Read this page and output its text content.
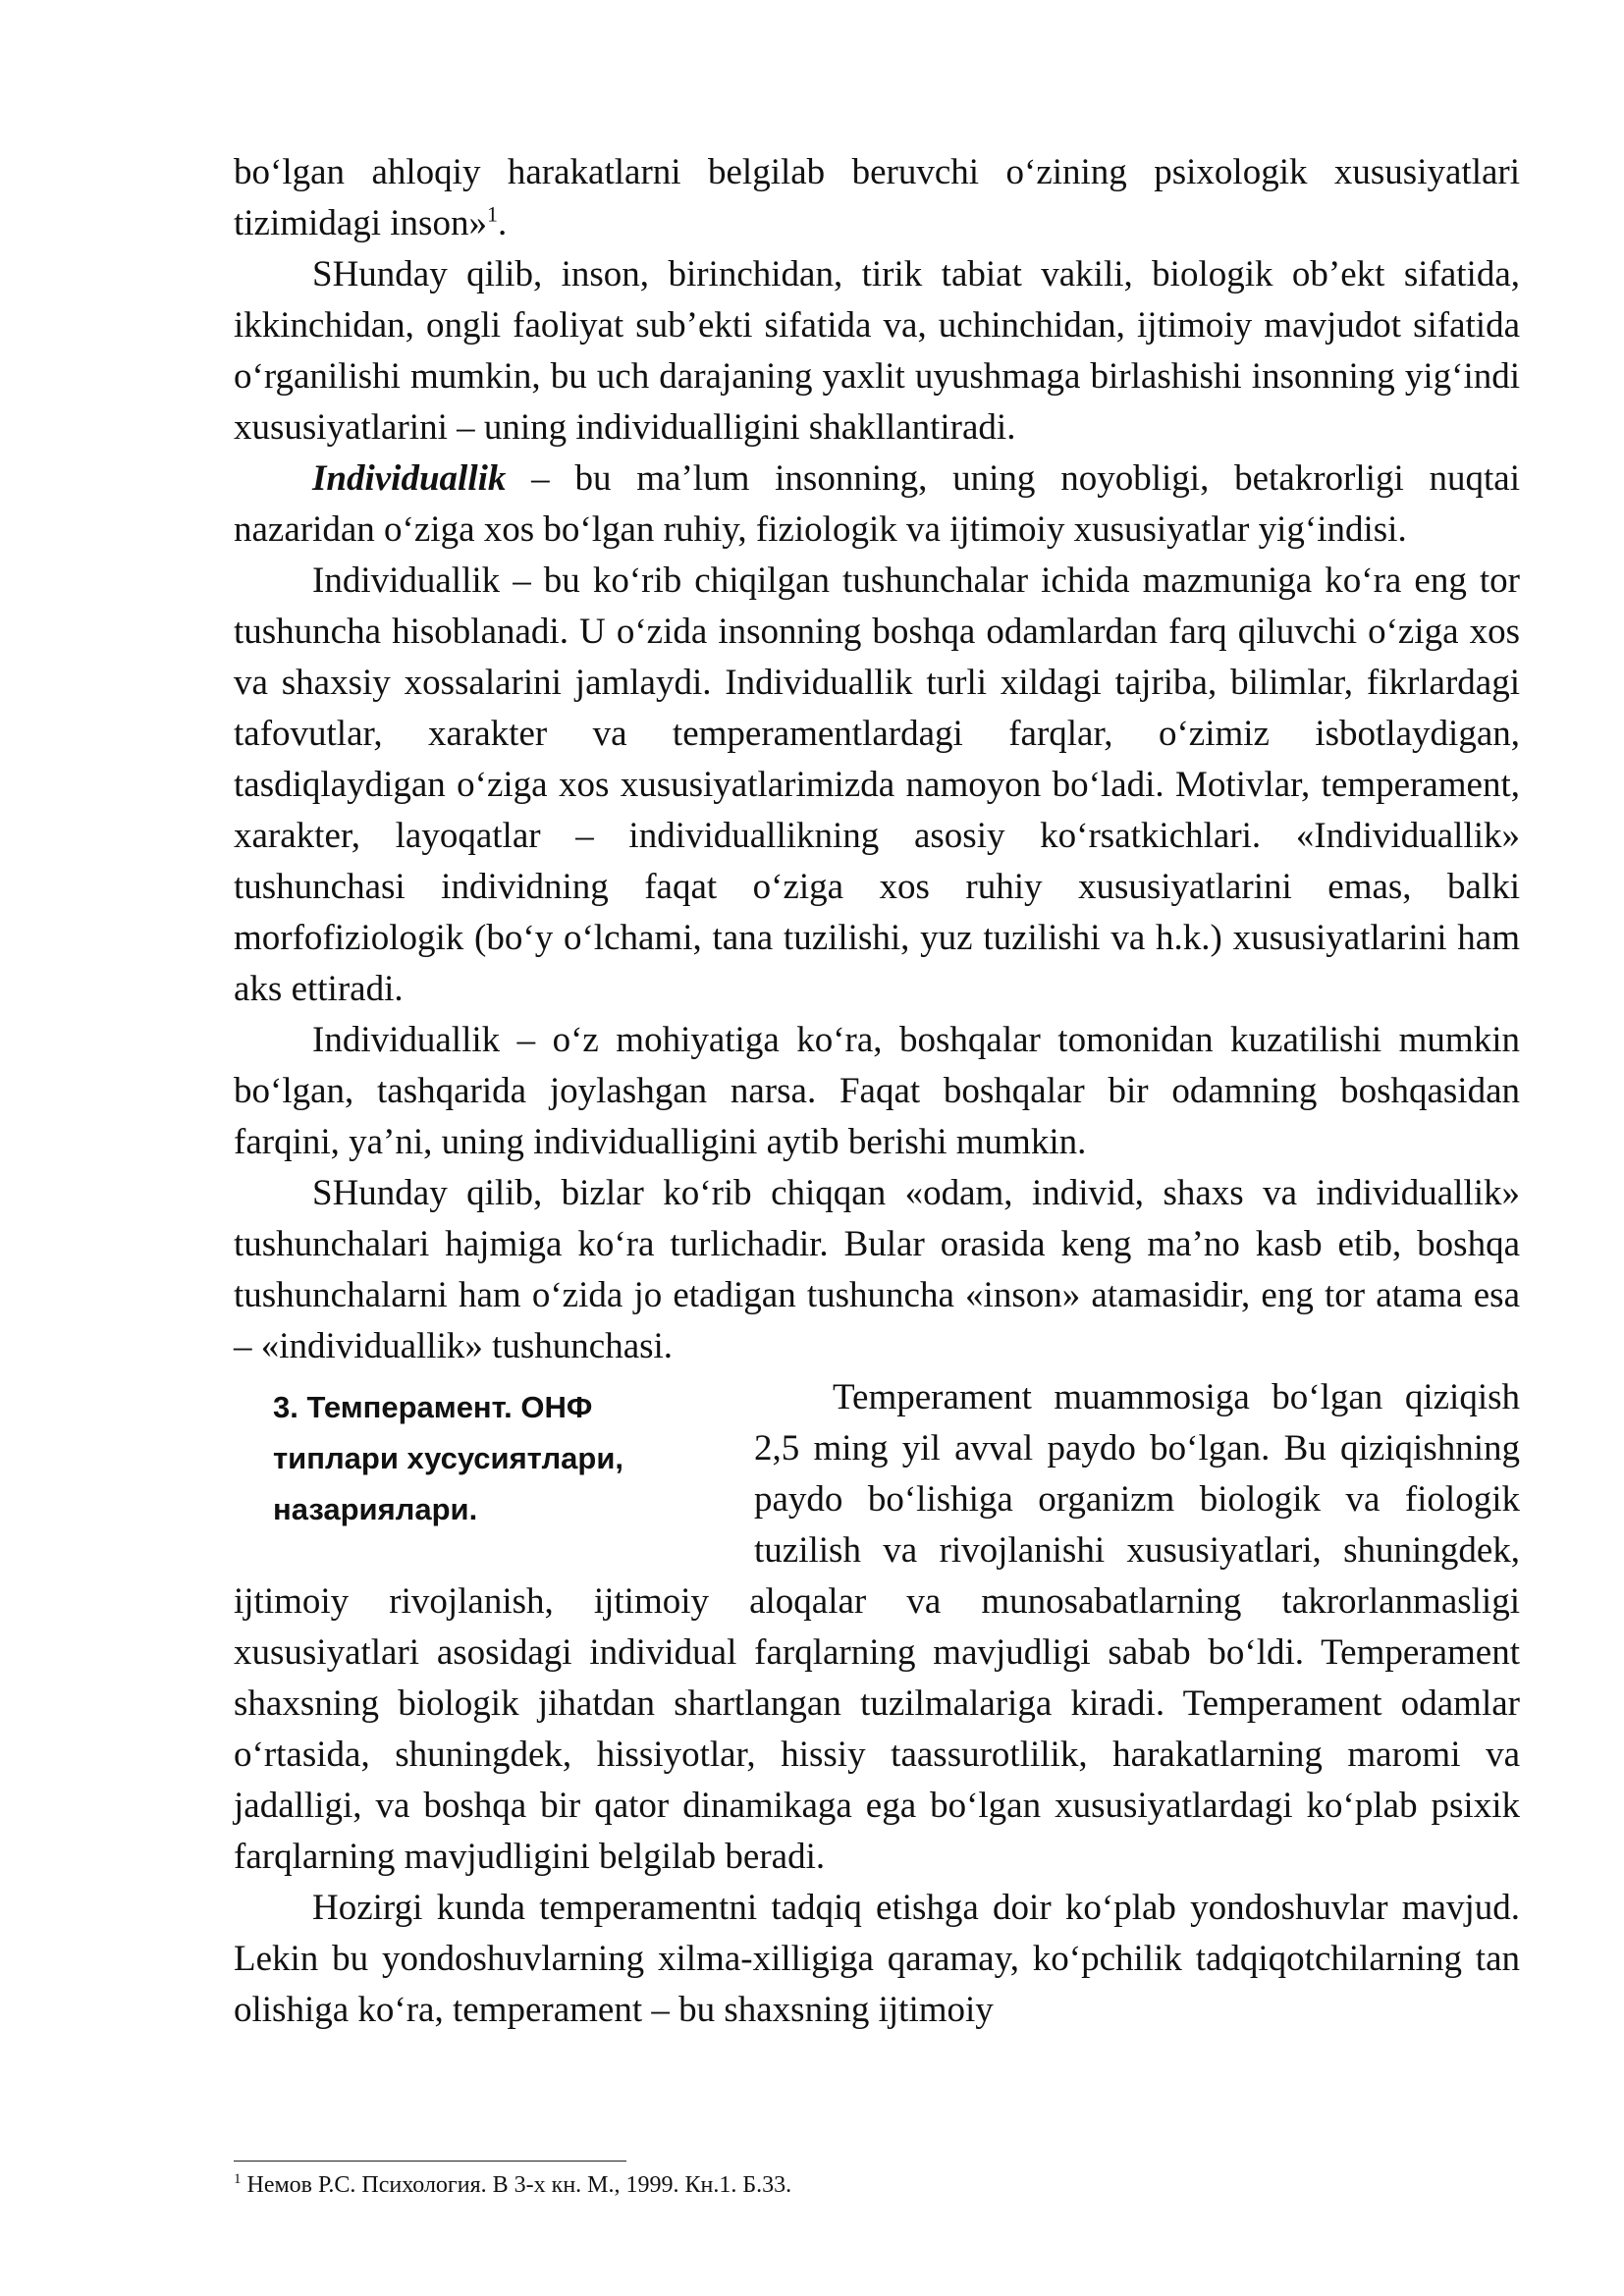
bo‘lgan ahloqiy harakatlarni belgilab beruvchi o‘zining psixologik xususiyatlari tizimidagi inson»$^1$.

SHunday qilib, inson, birinchidan, tirik tabiat vakili, biologik ob’ekt sifatida, ikkinchidan, ongli faoliyat sub’ekti sifatida va, uchinchidan, ijtimoiy mavjudot sifatida o‘rganilishi mumkin, bu uch darajaning yaxlit uyushmaga birlashishi insonning yig‘indi xususiyatlarini – uning individualligini shakllantiradi.

Individuallik – bu ma’lum insonning, uning noyobligi, betakrorligi nuqtai nazaridan o‘ziga xos bo‘lgan ruhiy, fiziologik va ijtimoiy xususiyatlar yig‘indisi.

Individuallik – bu ko‘rib chiqilgan tushunchalar ichida mazmuniga ko‘ra eng tor tushuncha hisoblanadi. U o‘zida insonning boshqa odamlardan farq qiluvchi o‘ziga xos va shaxsiy xossalarini jamlaydi. Individuallik turli xildagi tajriba, bilimlar, fikrlardagi tafovutlar, xarakter va temperamentlardagi farqlar, o‘zimiz isbotlaydigan, tasdiqlaydigan o‘ziga xos xususiyatlarimizda namoyon bo‘ladi. Motivlar, temperament, xarakter, layoqatlar – individuallikning asosiy ko‘rsatkichlari. «Individuallik» tushunchasi individning faqat o‘ziga xos ruhiy xususiyatlarini emas, balki morfofiziologik (bo‘y o‘lchami, tana tuzilishi, yuz tuzilishi va h.k.) xususiyatlarini ham aks ettiradi.

Individuallik – o‘z mohiyatiga ko‘ra, boshqalar tomonidan kuzatilishi mumkin bo‘lgan, tashqarida joylashgan narsa. Faqat boshqalar bir odamning boshqasidan farqini, ya’ni, uning individualligini aytib berishi mumkin.

SHunday qilib, bizlar ko‘rib chiqqan «odam, individ, shaxs va individuallik» tushunchalari hajmiga ko‘ra turlichadir. Bular orasida keng ma’no kasb etib, boshqa tushunchalarni ham o‘zida jo etadigan tushuncha «inson» atamasidir, eng tor atama esa – «individuallik» tushunchasi.

3. Темперамент. ОНФ
типлари хусусиятлари,
назариялари.

Temperament muammosiga bo‘lgan qiziqish 2,5 ming yil avval paydo bo‘lgan. Bu qiziqishning paydo bo‘lishiga organizm biologik va fiologik tuzilish va rivojlanishi xususiyatlari, shuningdek, ijtimoiy rivojlanish, ijtimoiy aloqalar va munosabatlarning takrorlanmasligi xususiyatlari asosidagi individual farqlarning mavjudligi sabab bo‘ldi. Temperament shaxsning biologik jihatdan shartlangan tuzilmalariga kiradi. Temperament odamlar o‘rtasida, shuningdek, hissiyotlar, hissiy taassurotlilik, harakatlarning maromi va jadalligi, va boshqa bir qator dinamikaga ega bo‘lgan xususiyatlardagi ko‘plab psixik farqlarning mavjudligini belgilab beradi.

Hozirgi kunda temperamentni tadqiq etishga doir ko‘plab yondoshuvlar mavjud. Lekin bu yondoshuvlarning xilma-xilligiga qaramay, ko‘pchilik tadqiqotchilarning tan olishiga ko‘ra, temperament – bu shaxsning ijtimoiy

$^1$ Немов Р.С. Психология. В 3-х кн. М., 1999. Кн.1. Б.33.
